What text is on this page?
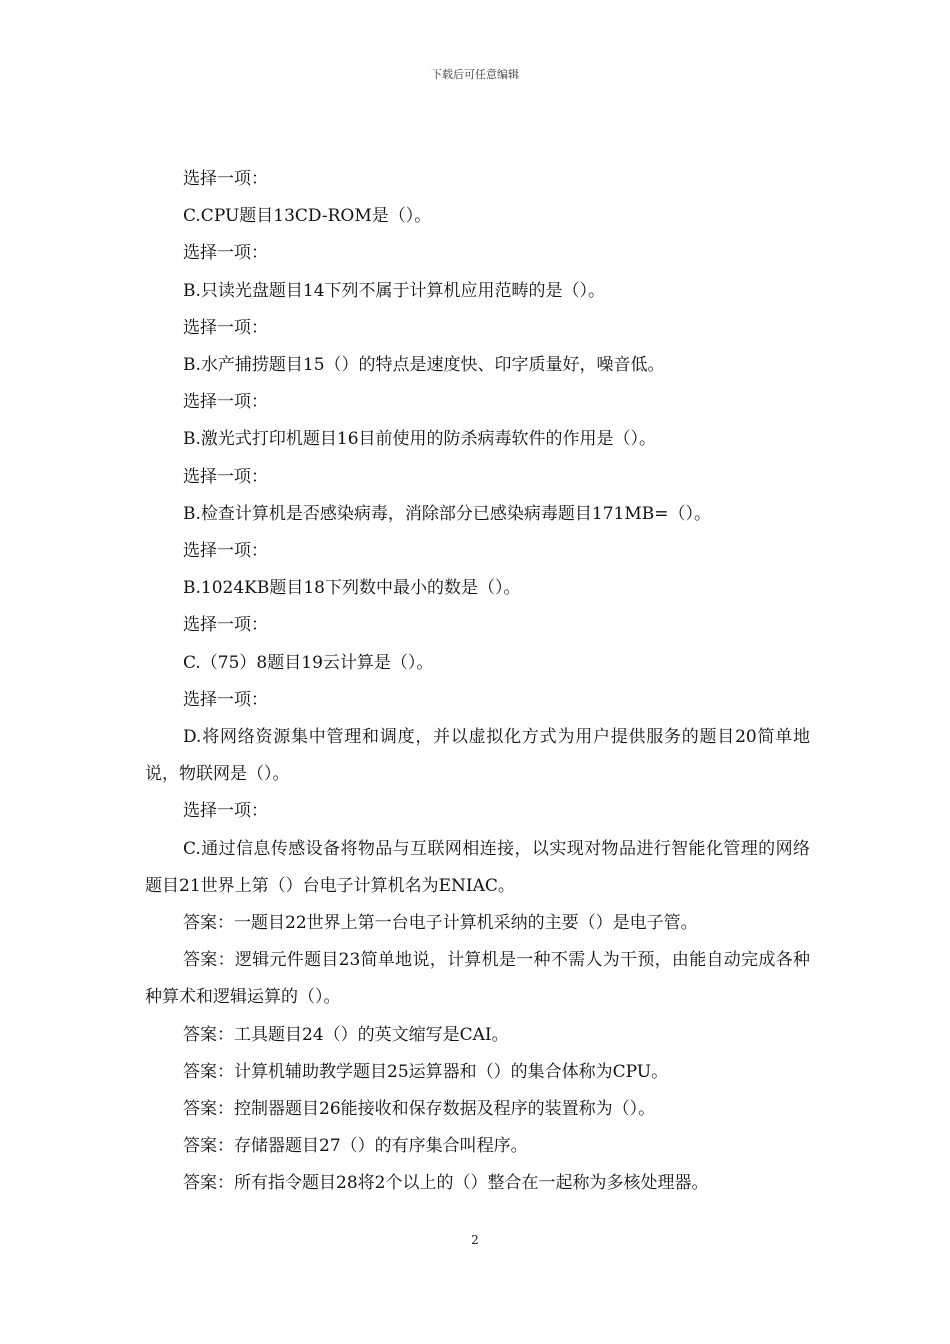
下载后可任意编辑

选择一项：

C.CPU题目13CD-ROM是（）。

选择一项：

B.只读光盘题目14下列不属于计算机应用范畴的是（）。

选择一项：

B.水产捕捞题目15（）的特点是速度快、印字质量好，噪音低。

选择一项：

B.激光式打印机题目16目前使用的防杀病毒软件的作用是（）。

选择一项：

B.检查计算机是否感染病毒，消除部分已感染病毒题目171MB=（）。

选择一项：

B.1024KB题目18下列数中最小的数是（）。

选择一项：

C.（75）8题目19云计算是（）。

选择一项：

D.将网络资源集中管理和调度，并以虚拟化方式为用户提供服务的题目20简单地说，物联网是（）。

选择一项：

C.通过信息传感设备将物品与互联网相连接，以实现对物品进行智能化管理的网络题目21世界上第（）台电子计算机名为ENIAC。

答案：一题目22世界上第一台电子计算机采纳的主要（）是电子管。

答案：逻辑元件题目23简单地说，计算机是一种不需人为干预，由能自动完成各种种算术和逻辑运算的（）。

答案：工具题目24（）的英文缩写是CAI。

答案：计算机辅助教学题目25运算器和（）的集合体称为CPU。

答案：控制器题目26能接收和保存数据及程序的装置称为（）。

答案：存储器题目27（）的有序集合叫程序。

答案：所有指令题目28将2个以上的（）整合在一起称为多核处理器。

2
